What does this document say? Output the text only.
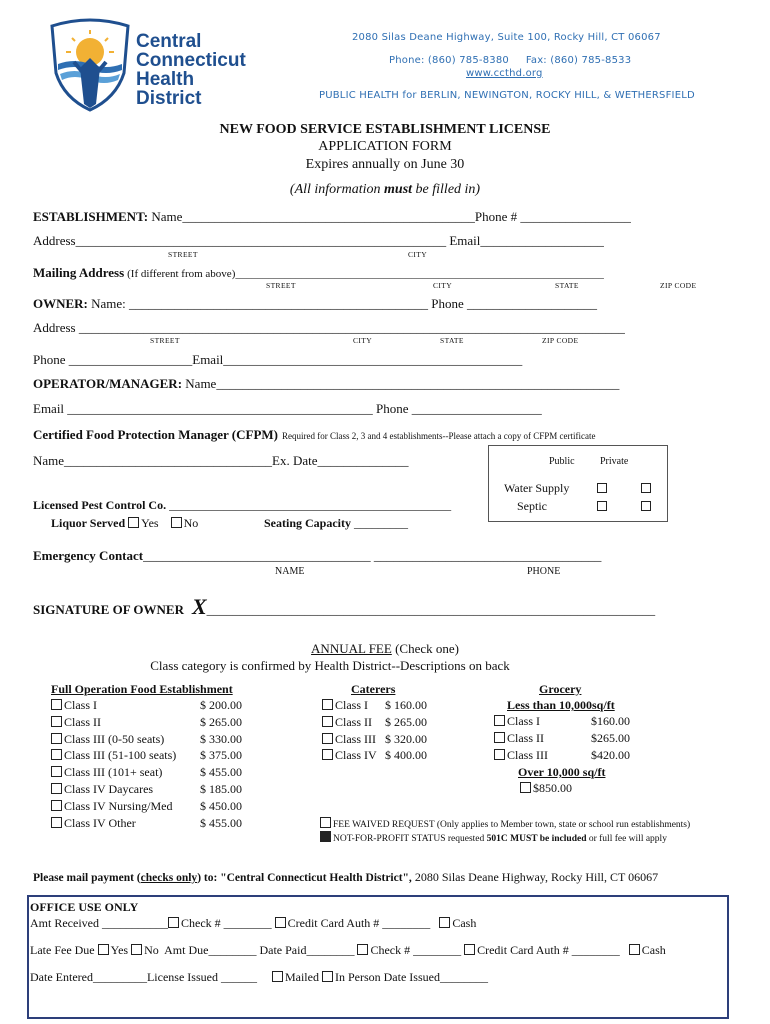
Central
Connecticut
Health
District
2080 Silas Deane Highway, Suite 100, Rocky Hill, CT 06067
Phone: (860) 785-8380     Fax: (860) 785-8533
www.ccthd.org
PUBLIC HEALTH for BERLIN, NEWINGTON, ROCKY HILL, & WETHERSFIELD
NEW FOOD SERVICE ESTABLISHMENT LICENSE
APPLICATION FORM
Expires annually on June 30
(All information must be filled in)
ESTABLISHMENT: Name_____________________________________________Phone # _________________
Address_________________________________________________________ Email___________________
STREET	CITY
Mailing Address (If different from above)___________________________________________________________________
STREET	CITY	STATE	ZIP CODE
OWNER: Name: ______________________________________________ Phone ____________________
Address ____________________________________________________________________________________
STREET	CITY	STATE	ZIP CODE
Phone ___________________Email______________________________________________
OPERATOR/MANAGER: Name______________________________________________________________
Email _______________________________________________ Phone ____________________
Certified Food Protection Manager (CFPM) Required for Class 2, 3 and 4 establishments--Please attach a copy of CFPM certificate
Name________________________________Ex. Date______________	Public	Private
Water Supply
Septic
Licensed Pest Control Co. _______________________________________________
Liquor Served Yes No	Seating Capacity _________
Emergency Contact___________________________________ ___________________________________
NAME	PHONE
SIGNATURE OF OWNER X_____________________________________________________________________
ANNUAL FEE (Check one)
Class category is confirmed by Health District--Descriptions on back
Full Operation Food Establishment
Class I	$ 200.00
Class II	$ 265.00
Class III (0-50 seats)	$ 330.00
Class III (51-100 seats) $ 375.00
Class III (101+ seat)	$ 455.00
Class IV Daycares	$ 185.00
Class IV Nursing/Med $ 450.00
Class IV Other	$ 455.00
Caterers
Class I $ 160.00
Class II $ 265.00
Class III $ 320.00
Class IV $ 400.00
Grocery
Less than 10,000sq/ft
Class I	$160.00
Class II	$265.00
Class III	$420.00
Over 10,000 sq/ft
$850.00
FEE WAIVED REQUEST (Only applies to Member town, state or school run establishments)
NOT-FOR-PROFIT STATUS requested 501C MUST be included or full fee will apply
Please mail payment (checks only) to: "Central Connecticut Health District", 2080 Silas Deane Highway, Rocky Hill, CT 06067
OFFICE USE ONLY
Amt Received ___________ Check # ________ Credit Card Auth # ________ Cash
Late Fee Due Yes No Amt Due________ Date Paid________ Check # ________ Credit Card Auth # ________ Cash
Date Entered_________License Issued ______ Mailed In Person Date Issued________
